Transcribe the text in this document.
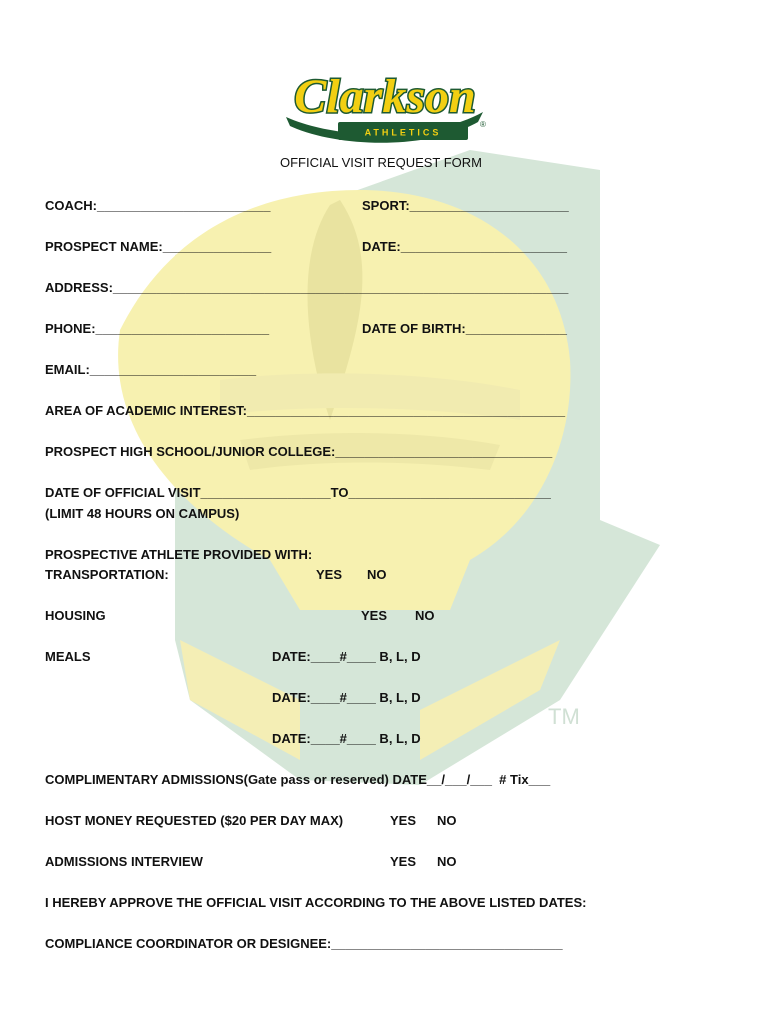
TM
ATHLETICS
Clarkson
®
OFFICIAL VISIT REQUEST FORM
COACH:________________________	SPORT:______________________
PROSPECT NAME:_______________	DATE:_______________________
ADDRESS:_______________________________________________________________
PHONE:________________________	DATE OF BIRTH:______________
EMAIL:_______________________
AREA OF ACADEMIC INTEREST:____________________________________________
PROSPECT HIGH SCHOOL/JUNIOR COLLEGE:______________________________
DATE OF OFFICIAL VISIT__________________TO____________________________
(LIMIT 48 HOURS ON CAMPUS)
PROSPECTIVE ATHLETE PROVIDED WITH:
TRANSPORTATION:	YES NO
HOUSING	YES NO
MEALS	DATE:____#____ B, L, D
DATE:____#____ B, L, D
DATE:____#____ B, L, D
COMPLIMENTARY ADMISSIONS(Gate pass or reserved) DATE__/___/___  # Tix___
HOST MONEY REQUESTED ($20 PER DAY MAX)	YES NO
ADMISSIONS INTERVIEW	YES NO
I HEREBY APPROVE THE OFFICIAL VISIT ACCORDING TO THE ABOVE LISTED DATES:
COMPLIANCE COORDINATOR OR DESIGNEE:________________________________
